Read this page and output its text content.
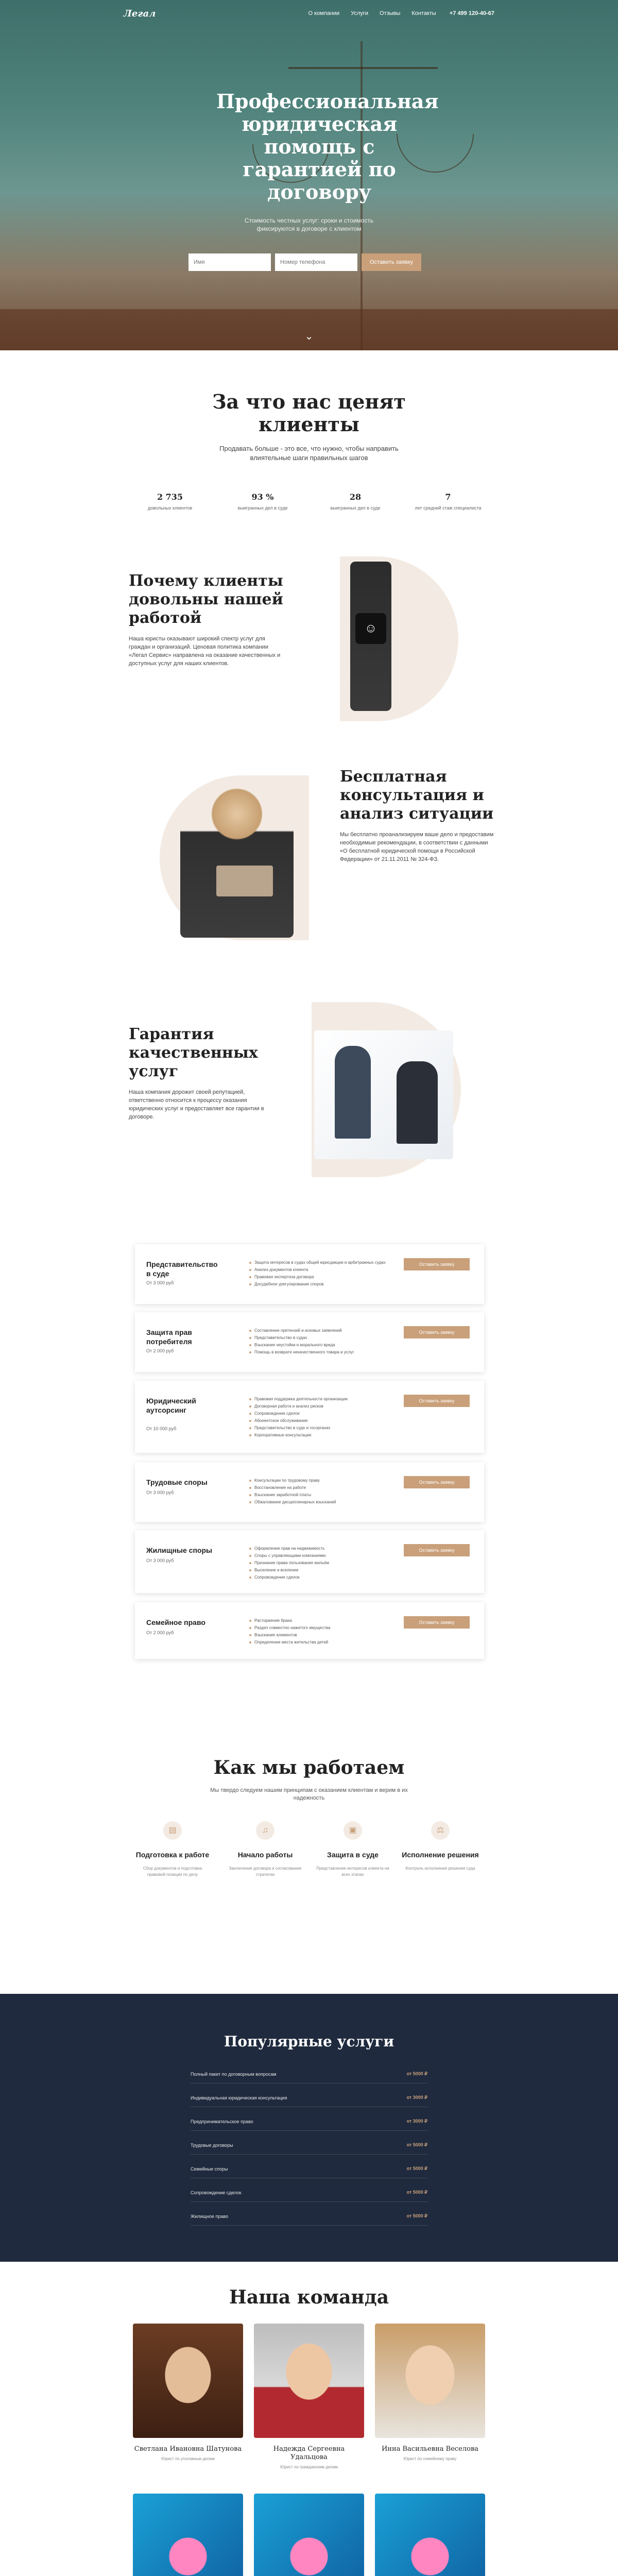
Легал	О компании Услуги Отзывы Контакты +7 499 120-40-67
Профессиональная юридическая помощь с гарантией по договору

Стоимость честных услуг: сроки и стоимость фиксируются в договоре с клиентом

Имя
Номер телефона
Оставить заявку
⌄
За что нас ценят клиенты

Продавать больше - это все, что нужно, чтобы направить влиятельные шаги правильных шагов

2 735
довольных клиентов
93 %
выигранных дел в суде
28
выигранных дел в суде
7
лет средний стаж специалиста
☺
Почему клиенты довольны нашей работой

Наша юристы оказывают широкий спектр услуг для граждан и организаций. Ценовая политика компании «Легал Сервис» направлена на оказание качественных и доступных услуг для наших клиентов.

Бесплатная консультация и анализ ситуации

Мы бесплатно проанализируем ваше дело и предоставим необходимые рекомендации, в соответствии с данными «О бесплатной юридической помощи в Российской Федерации» от 21.11.2011 № 324-ФЗ.

Гарантия качественных услуг

Наша компания дорожит своей репутацией, ответственно относится к процессу оказания юридических услуг и предоставляет все гарантии в договоре.

Представительство в суде
От 3 000 руб
Защита интересов в судах общей юрисдикции и арбитражных судах
Анализ документов клиента
Правовая экспертиза договора
Досудебное урегулирование споров
Оставить заявку
Защита прав потребителя
От 2 000 руб
Составление претензий и исковых заявлений
Представительство в судах
Взыскание неустойки и морального вреда
Помощь в возврате некачественного товара и услуг
Оставить заявку
Юридический аутсорсинг
От 10 000 руб
Правовая поддержка деятельности организации
Договорная работа и анализ рисков
Сопровождение сделок
Абонентское обслуживание
Представительство в суде и госорганах
Корпоративные консультации
Оставить заявку
Трудовые споры
От 3 000 руб
Консультации по трудовому праву
Восстановление на работе
Взыскание заработной платы
Обжалование дисциплинарных взысканий
Оставить заявку
Жилищные споры
От 3 000 руб
Оформление прав на недвижимость
Споры с управляющими компаниями
Признание права пользования жильём
Выселение и вселение
Сопровождение сделок
Оставить заявку
Семейное право
От 2 000 руб
Расторжение брака
Раздел совместно нажитого имущества
Взыскание алиментов
Определение места жительства детей
Оставить заявку
Как мы работаем

Мы твердо следуем нашим принципам с оказанием клиентам и верим в их надежность

▤
Подготовка к работе

Сбор документов и подготовка правовой позиции по делу

♫
Начало работы

Заключение договора и согласование стратегии

▣
Защита в суде

Представление интересов клиента на всех этапах

⚖
Исполнение решения

Контроль исполнения решения суда

Популярные услуги
Полный пакет по договорным вопросам	от 5000 ₽
Индивидуальная юридическая консультация	от 3000 ₽
Предпринимательское право	от 3000 ₽
Трудовые договоры	от 5000 ₽
Семейные споры	от 5000 ₽
Сопровождение сделок	от 5000 ₽
Жилищное право	от 5000 ₽
Наша команда
Светлана Ивановна Шатунова

Юрист по уголовным делам

Надежда Сергеевна Удальцова

Юрист по гражданским делам

Инна Васильевна Веселова

Юрист по семейному праву
